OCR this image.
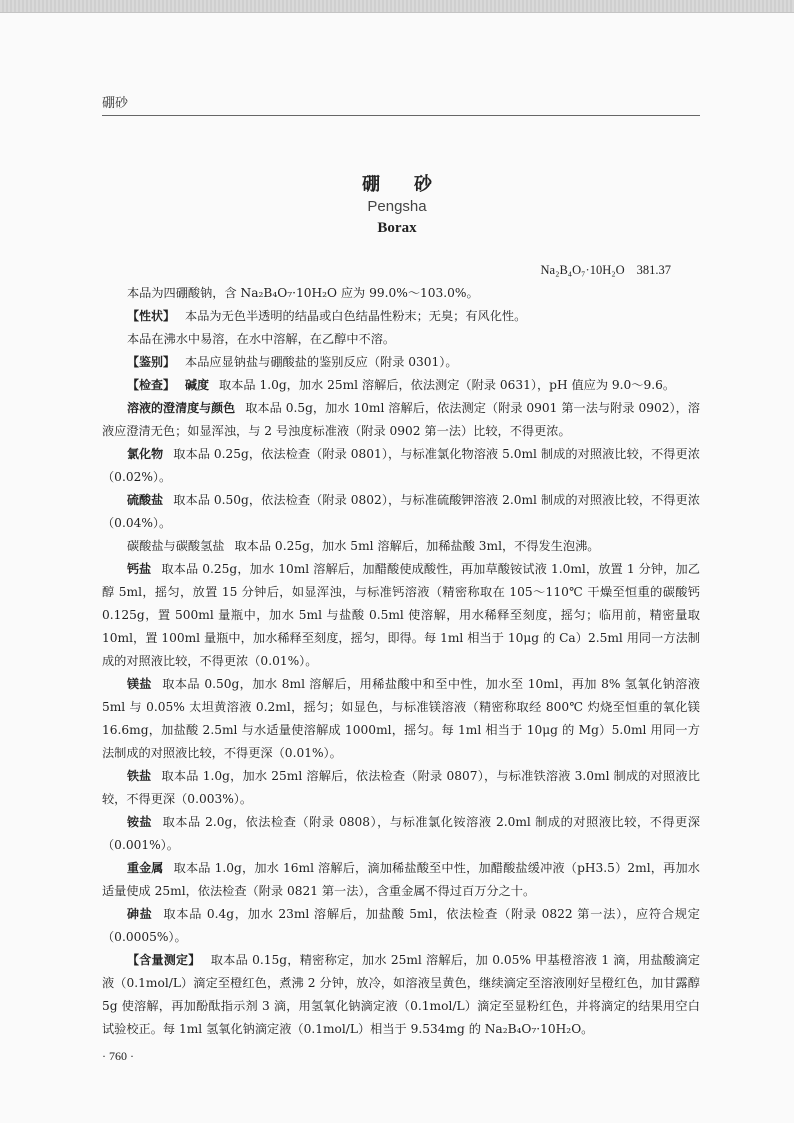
硼砂
硼砂
Pengsha
Borax
Na₂B₄O₇·10H₂O 381.37

本品为四硼酸钠，含 Na₂B₄O₇·10H₂O 应为 99.0%～103.0%。

【性状】 本品为无色半透明的结晶或白色结晶性粉末；无臭；有风化性。

本品在沸水中易溶，在水中溶解，在乙醇中不溶。

【鉴别】 本品应显钠盐与硼酸盐的鉴别反应（附录 0301）。

【检查】 碱度 取本品 1.0g，加水 25ml 溶解后，依法测定（附录 0631），pH 值应为 9.0～9.6。

溶液的澄清度与颜色 取本品 0.5g，加水 10ml 溶解后，依法测定（附录 0901 第一法与附录 0902），溶液应澄清无色；如显浑浊，与 2 号浊度标准液（附录 0902 第一法）比较，不得更浓。

氯化物 取本品 0.25g，依法检查（附录 0801），与标准氯化物溶液 5.0ml 制成的对照液比较，不得更浓（0.02%）。

硫酸盐 取本品 0.50g，依法检查（附录 0802），与标准硫酸钾溶液 2.0ml 制成的对照液比较，不得更浓（0.04%）。

碳酸盐与碳酸氢盐 取本品 0.25g，加水 5ml 溶解后，加稀盐酸 3ml，不得发生泡沸。

钙盐 取本品 0.25g，加水 10ml 溶解后，加醋酸使成酸性，再加草酸铵试液 1.0ml，放置 1 分钟，加乙醇 5ml，摇匀，放置 15 分钟后，如显浑浊，与标准钙溶液（精密称取在 105～110℃ 干燥至恒重的碳酸钙 0.125g，置 500ml 量瓶中，加水 5ml 与盐酸 0.5ml 使溶解，用水稀释至刻度，摇匀；临用前，精密量取 10ml，置 100ml 量瓶中，加水稀释至刻度，摇匀，即得。每 1ml 相当于 10μg 的 Ca）2.5ml 用同一方法制成的对照液比较，不得更浓（0.01%）。

镁盐 取本品 0.50g，加水 8ml 溶解后，用稀盐酸中和至中性，加水至 10ml，再加 8% 氢氧化钠溶液 5ml 与 0.05% 太坦黄溶液 0.2ml，摇匀；如显色，与标准镁溶液（精密称取经 800℃ 灼烧至恒重的氧化镁 16.6mg，加盐酸 2.5ml 与水适量使溶解成 1000ml，摇匀。每 1ml 相当于 10μg 的 Mg）5.0ml 用同一方法制成的对照液比较，不得更深（0.01%）。

铁盐 取本品 1.0g，加水 25ml 溶解后，依法检查（附录 0807），与标准铁溶液 3.0ml 制成的对照液比较，不得更深（0.003%）。

铵盐 取本品 2.0g，依法检查（附录 0808），与标准氯化铵溶液 2.0ml 制成的对照液比较，不得更深（0.001%）。

重金属 取本品 1.0g，加水 16ml 溶解后，滴加稀盐酸至中性，加醋酸盐缓冲液（pH3.5）2ml，再加水适量使成 25ml，依法检查（附录 0821 第一法），含重金属不得过百万分之十。

砷盐 取本品 0.4g，加水 23ml 溶解后，加盐酸 5ml，依法检查（附录 0822 第一法），应符合规定（0.0005%）。

【含量测定】 取本品 0.15g，精密称定，加水 25ml 溶解后，加 0.05% 甲基橙溶液 1 滴，用盐酸滴定液（0.1mol/L）滴定至橙红色，煮沸 2 分钟，放冷，如溶液呈黄色，继续滴定至溶液刚好呈橙红色，加甘露醇 5g 使溶解，再加酚酞指示剂 3 滴，用氢氧化钠滴定液（0.1mol/L）滴定至显粉红色，并将滴定的结果用空白试验校正。每 1ml 氢氧化钠滴定液（0.1mol/L）相当于 9.534mg 的 Na₂B₄O₇·10H₂O。

· 760 ·
